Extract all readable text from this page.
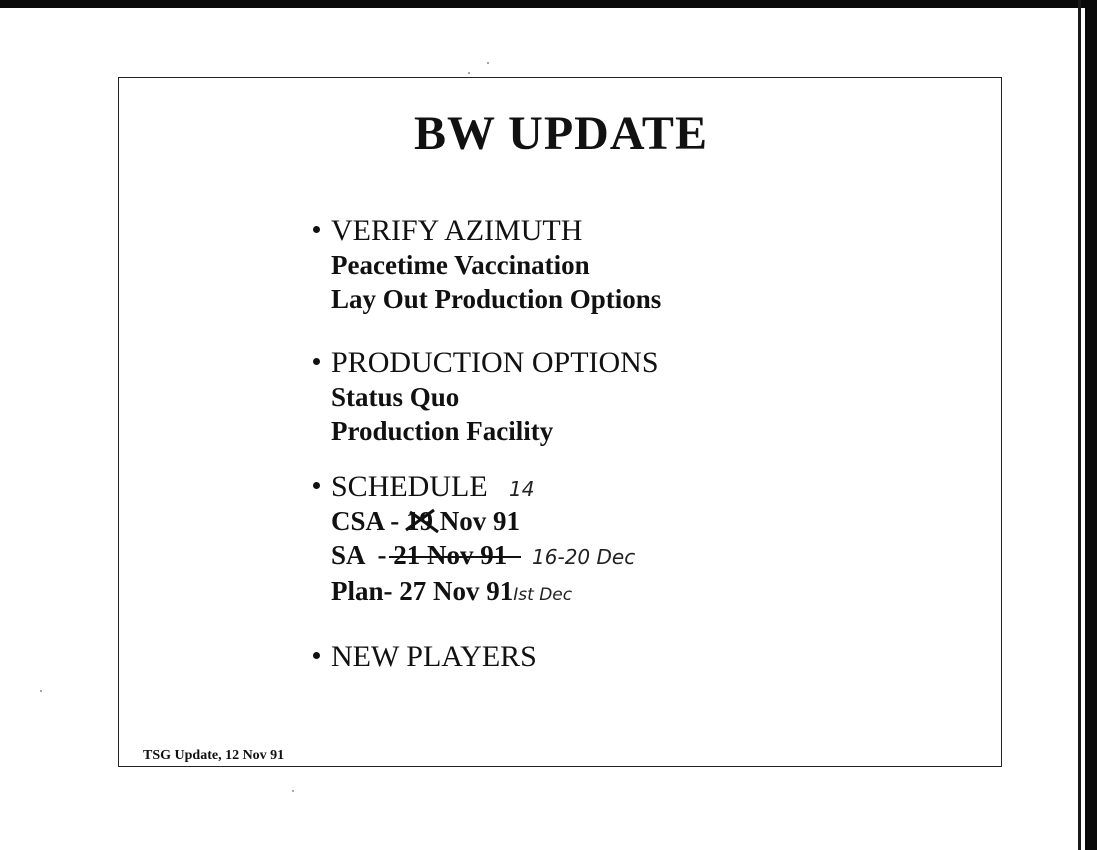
BW UPDATE
VERIFY AZIMUTH
Peacetime Vaccination
Lay Out Production Options
PRODUCTION OPTIONS
Status Quo
Production Facility
SCHEDULE 14
CSA - 19 Nov 91
SA  - 21 Nov 91 16-20 Dec
Plan- 27 Nov 91Ist Dec
NEW PLAYERS
TSG Update, 12 Nov 91
